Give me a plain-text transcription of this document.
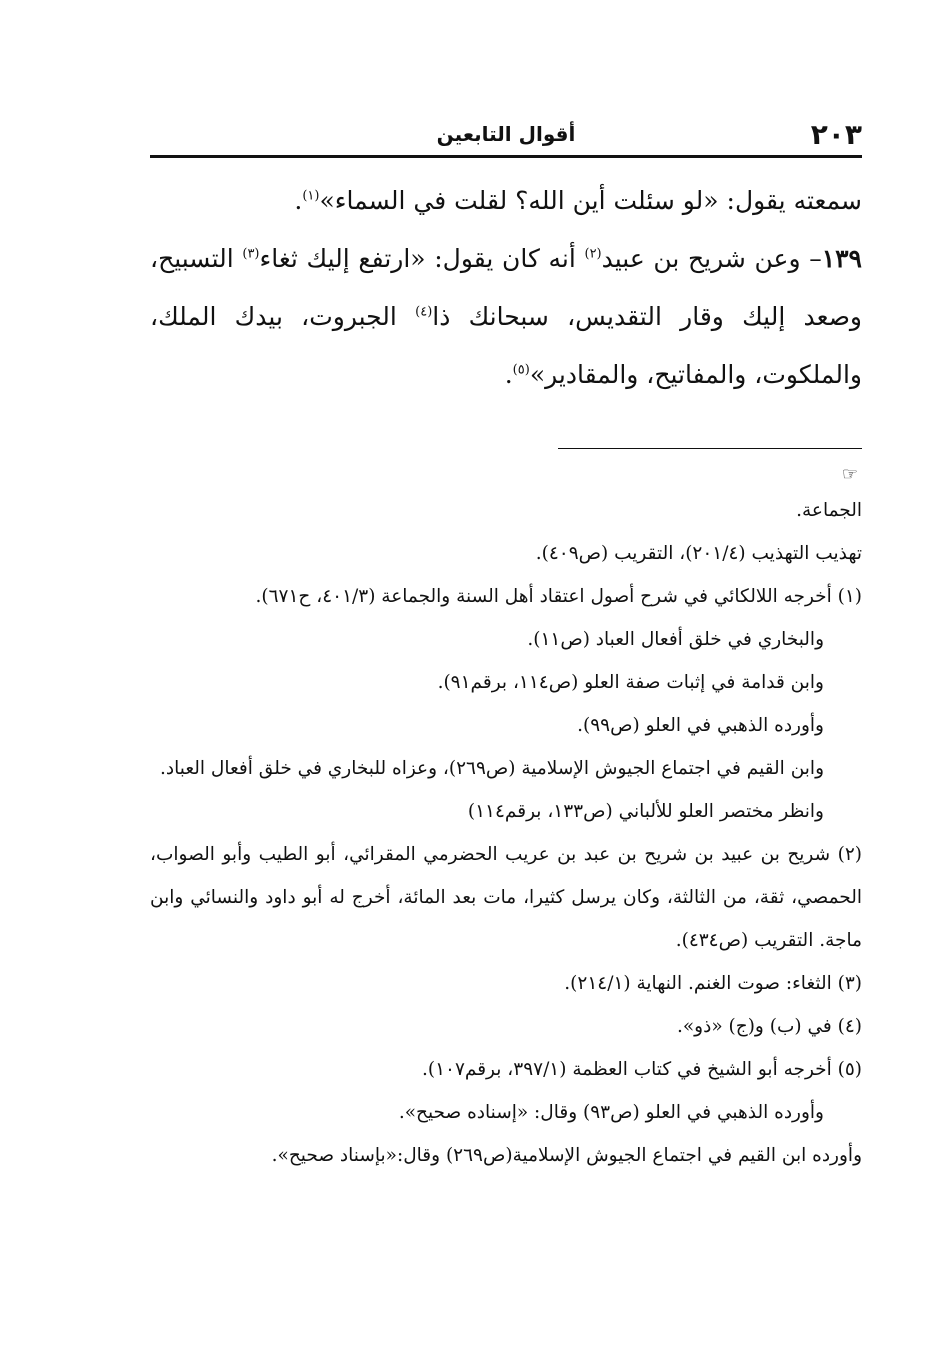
٢٠٣
أقوال التابعين

سمعته يقول: «لو سئلت أين الله؟ لقلت في السماء»$^{(١)}$.

١٣٩– وعن شريح بن عبيد$^{(٢)}$ أنه كان يقول: «ارتفع إليك ثغاء$^{(٣)}$ التسبيح، وصعد إليك وقار التقديس، سبحانك ذا$^{(٤)}$ الجبروت، بيدك الملك، والملكوت، والمفاتيح، والمقادير»$^{(٥)}$.

☞

الجماعة.

تهذيب التهذيب (٢٠١/٤)، التقريب (ص٤٠٩).

(١) أخرجه اللالكائي في شرح أصول اعتقاد أهل السنة والجماعة (٤٠١/٣، ح٦٧١).

والبخاري في خلق أفعال العباد (ص١١).

وابن قدامة في إثبات صفة العلو (ص١١٤، برقم٩١).

وأورده الذهبي في العلو (ص٩٩).

وابن القيم في اجتماع الجيوش الإسلامية (ص٢٦٩)، وعزاه للبخاري في خلق أفعال العباد.

وانظر مختصر العلو للألباني (ص١٣٣، برقم١١٤)

(٢) شريح بن عبيد بن شريح بن عبد بن عريب الحضرمي المقرائي، أبو الطيب وأبو الصواب، الحمصي، ثقة، من الثالثة، وكان يرسل كثيرا، مات بعد المائة، أخرج له أبو داود والنسائي وابن ماجة. التقريب (ص٤٣٤).

(٣) الثغاء: صوت الغنم. النهاية (٢١٤/١).

(٤) في (ب) و(ج) «ذو».

(٥) أخرجه أبو الشيخ في كتاب العظمة (٣٩٧/١، برقم١٠٧).

وأورده الذهبي في العلو (ص٩٣) وقال: «إسناده صحيح».

وأورده ابن القيم في اجتماع الجيوش الإسلامية(ص٢٦٩) وقال:«بإسناد صحيح».
